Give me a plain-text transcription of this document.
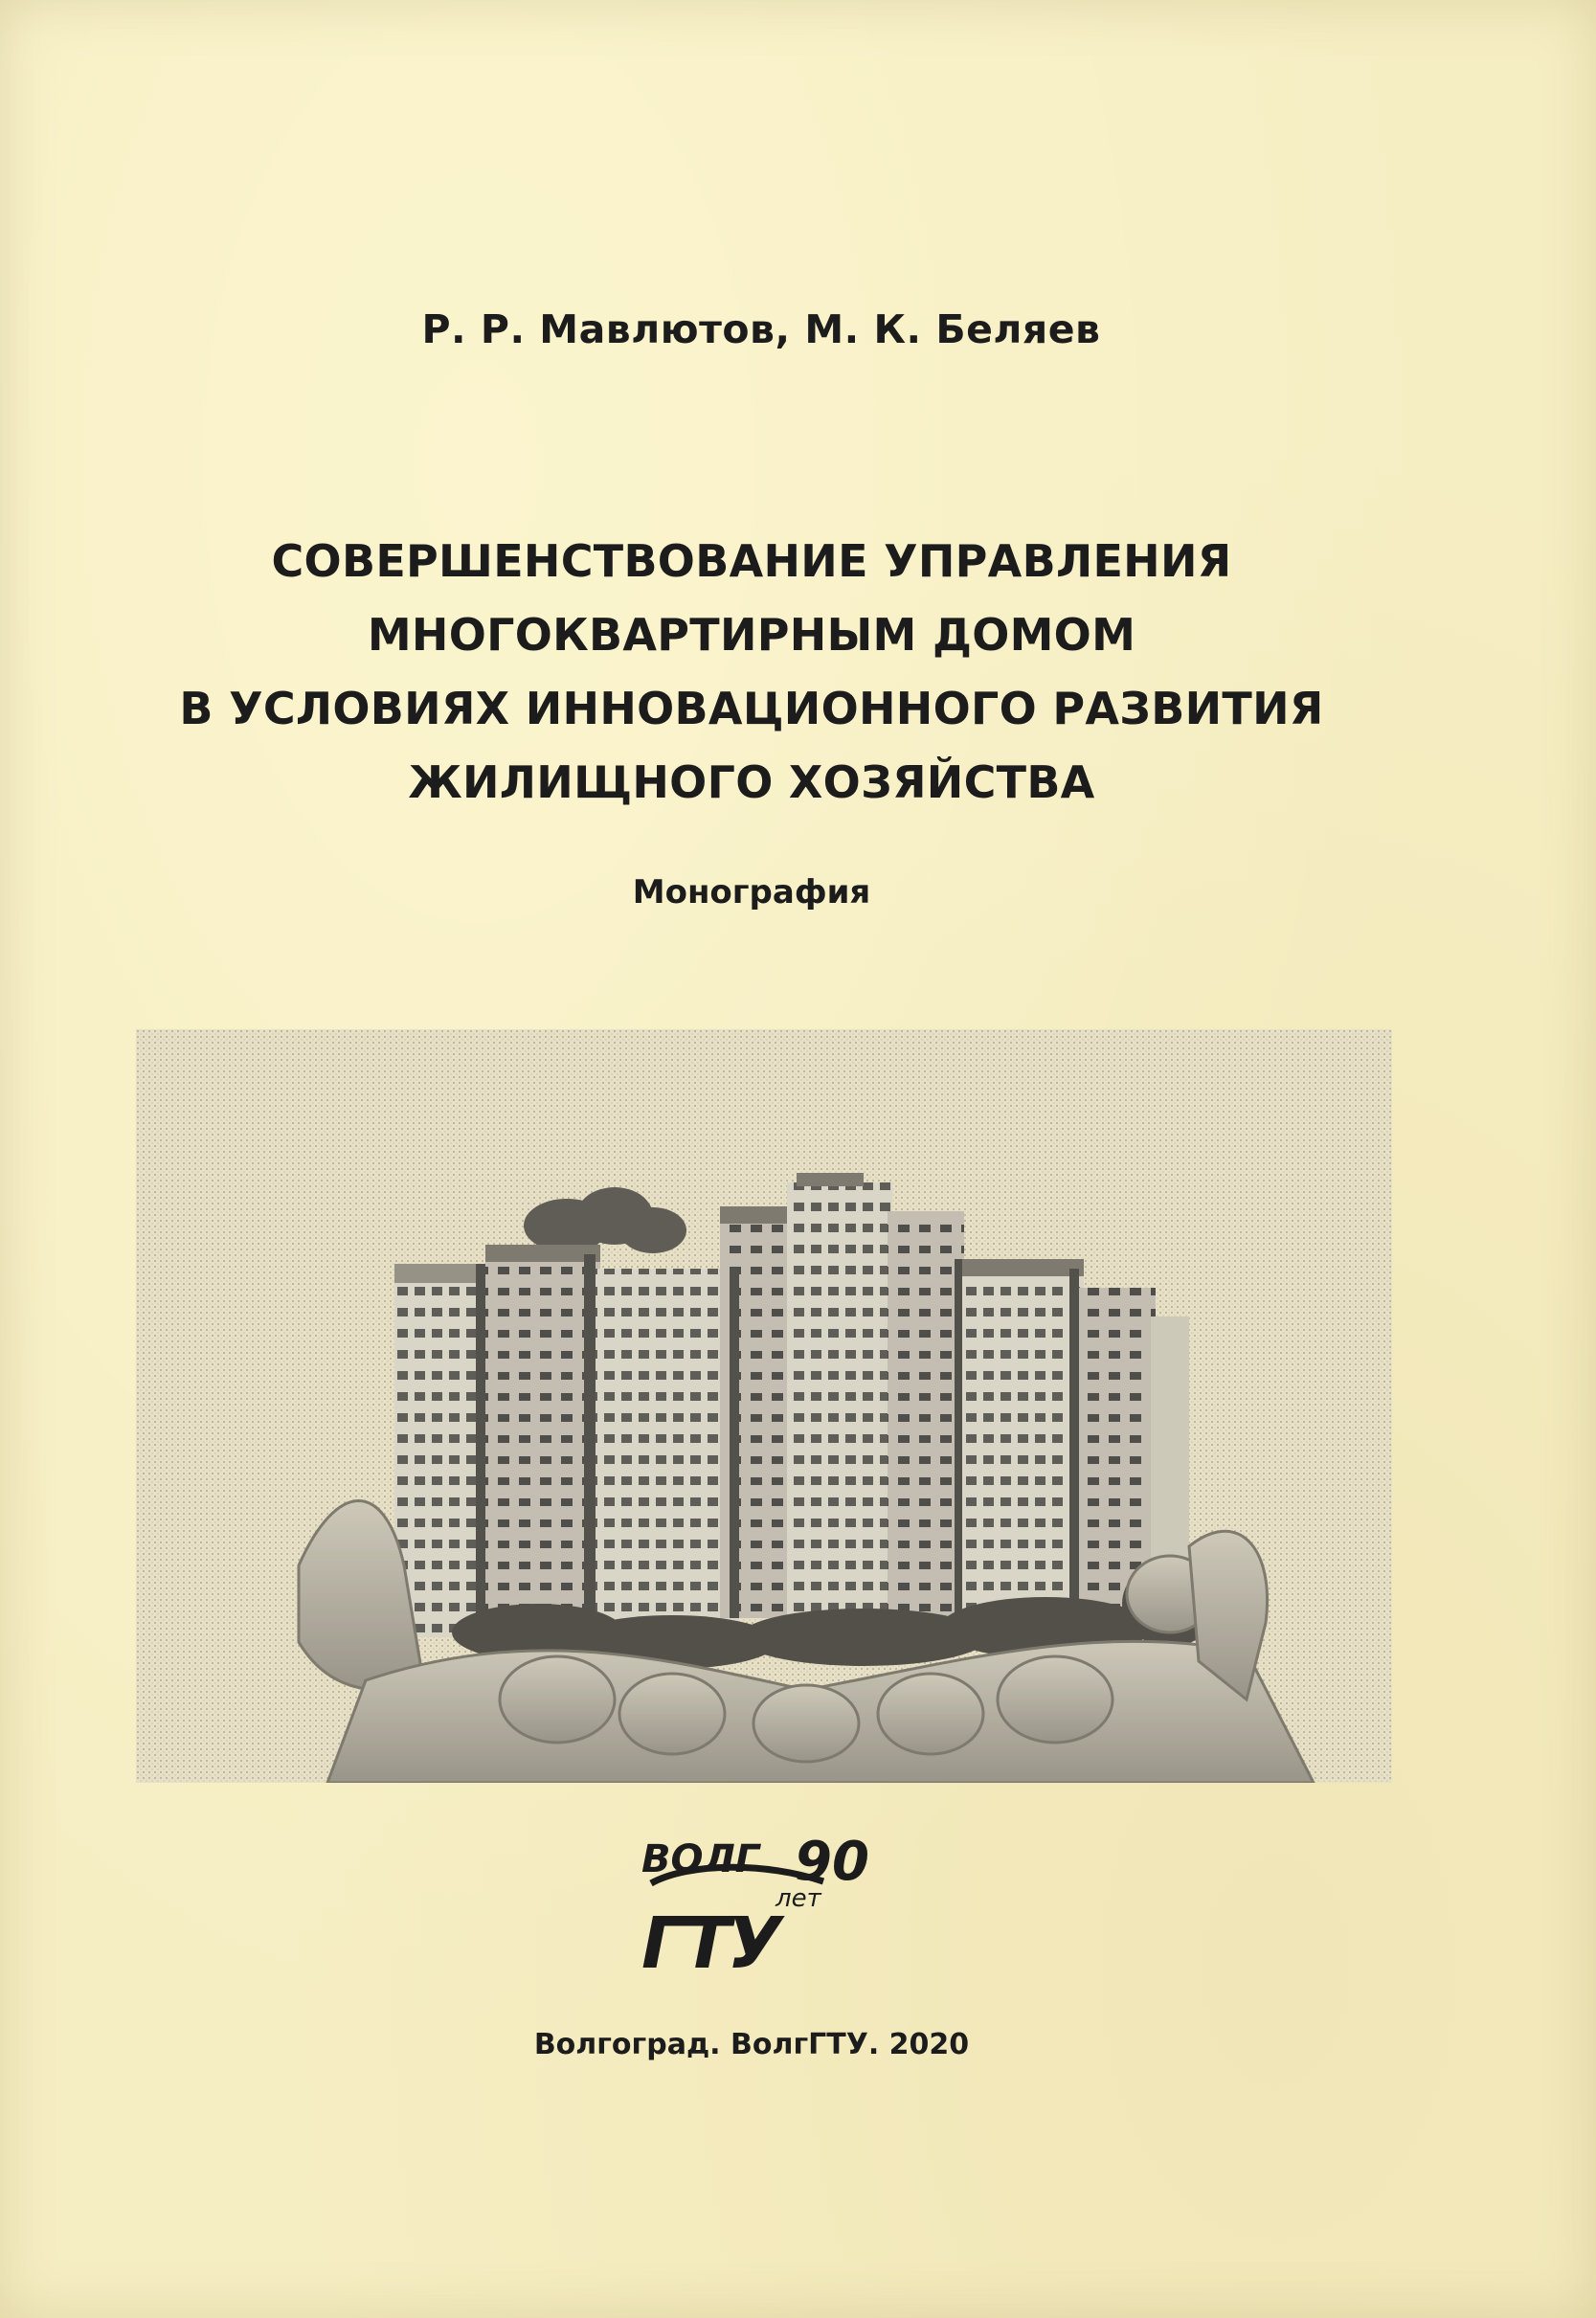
Р. Р. Мавлютов, М. К. Беляев
СОВЕРШЕНСТВОВАНИЕ УПРАВЛЕНИЯ
МНОГОКВАРТИРНЫМ ДОМОМ
В УСЛОВИЯХ ИННОВАЦИОННОГО РАЗВИТИЯ
ЖИЛИЩНОГО ХОЗЯЙСТВА
Монография
ВОЛГ 90
лет
ГТУ
Волгоград. ВолгГТУ. 2020
